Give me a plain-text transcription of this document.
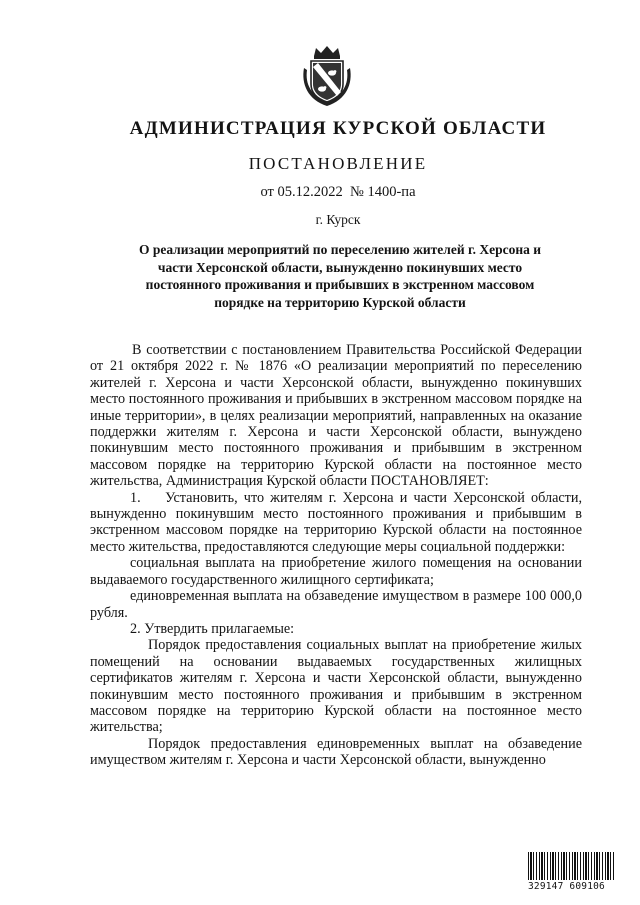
АДМИНИСТРАЦИЯ КУРСКОЙ ОБЛАСТИ
ПОСТАНОВЛЕНИЕ
от 05.12.2022 № 1400-па
г. Курск
О реализации мероприятий по переселению жителей г. Херсона и
части Херсонской области, вынужденно покинувших место
постоянного проживания и прибывших в экстренном массовом
порядке на территорию Курской области

В соответствии с постановлением Правительства Российской Федерации от 21 октября 2022 г. № 1876 «О реализации мероприятий по переселению жителей г. Херсона и части Херсонской области, вынужденно покинувших место постоянного проживания и прибывших в экстренном массовом порядке на иные территории», в целях реализации мероприятий, направленных на оказание поддержки жителям г. Херсона и части Херсонской области, вынуждено покинувшим место постоянного проживания и прибывшим в экстренном массовом порядке на территорию Курской области на постоянное место жительства, Администрация Курской области ПОСТАНОВЛЯЕТ:

1.    Установить, что жителям г. Херсона и части Херсонской области, вынужденно покинувшим место постоянного проживания и прибывшим в экстренном массовом порядке на территорию Курской области на постоянное место жительства, предоставляются следующие меры социальной поддержки:

социальная выплата на приобретение жилого помещения на основании выдаваемого государственного жилищного сертификата;

единовременная выплата на обзаведение имуществом в размере 100 000,0 рубля.

2. Утвердить прилагаемые:

Порядок предоставления социальных выплат на приобретение жилых помещений на основании выдаваемых государственных жилищных сертификатов жителям г. Херсона и части Херсонской области, вынужденно покинувшим место постоянного проживания и прибывшим в экстренном массовом порядке на территорию Курской области на постоянное место жительства;

Порядок предоставления единовременных выплат на обзаведение имуществом жителям г. Херсона и части Херсонской области, вынужденно

329147 609106
